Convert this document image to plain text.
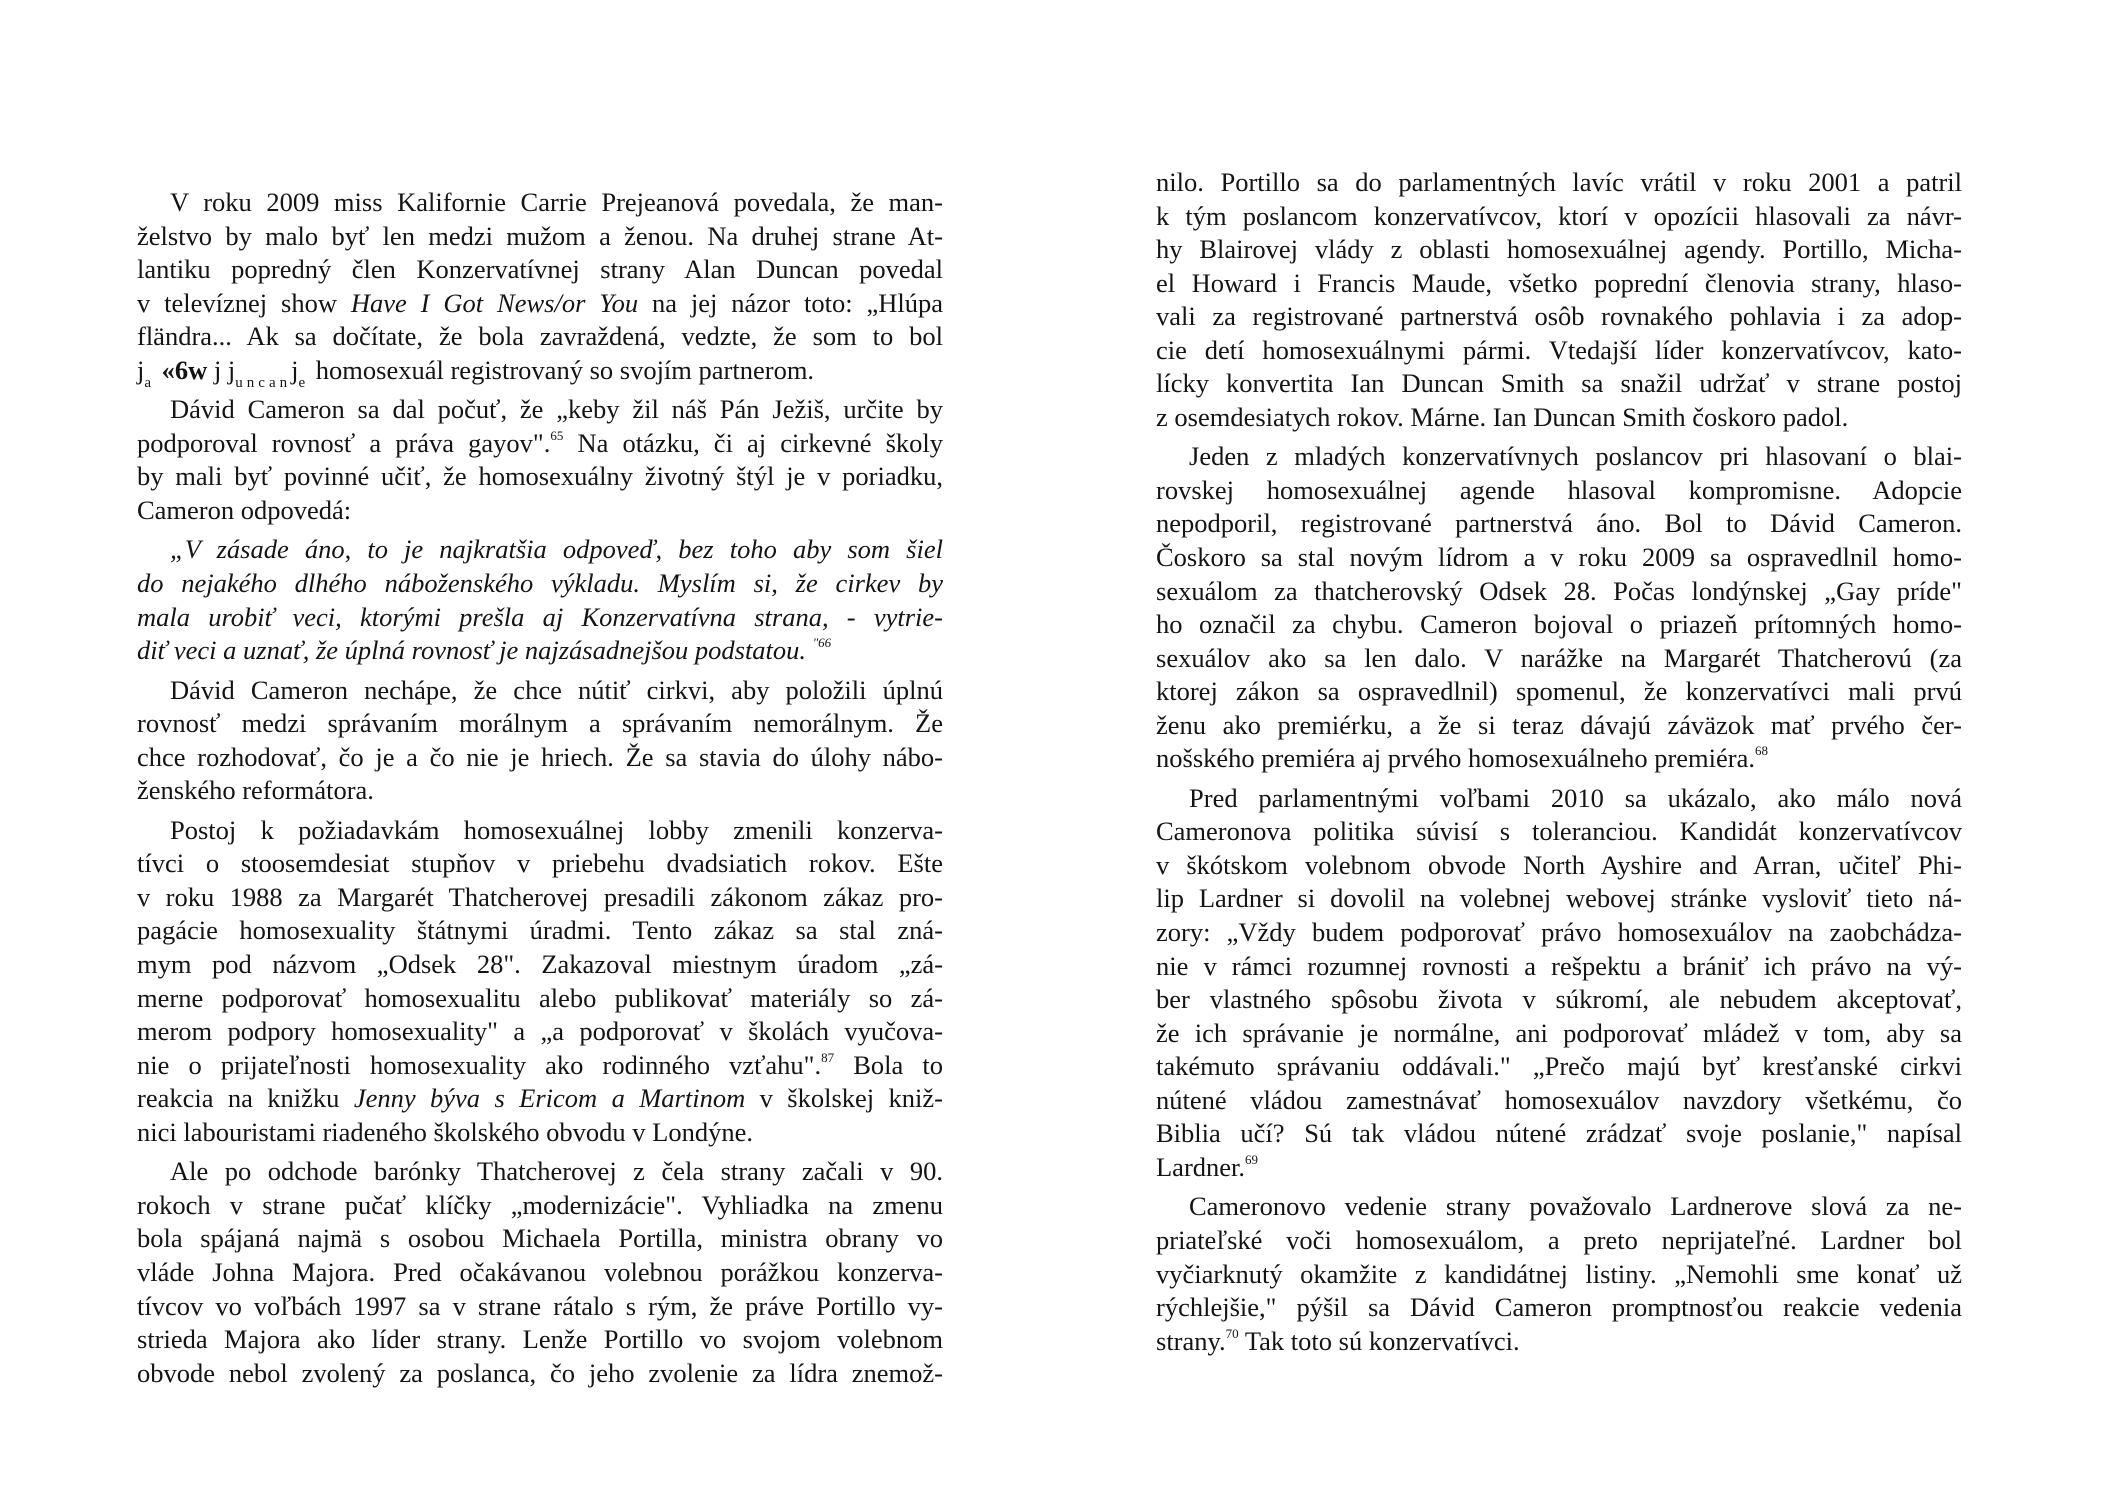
V roku 2009 miss Kalifornie Carrie Prejeanová povedala, že man-
želstvo by malo byť len medzi mužom a ženou. Na druhej strane At-
lantiku popredný člen Konzervatívnej strany Alan Duncan povedal
v televíznej show Have I Got News/or You na jej názor toto: „Hlúpa
fländra... Ak sa dočítate, že bola zavraždená, vedzte, že som to bol
$j_a$ «6w j $j_{uncan}j_e$ homosexuál registrovaný so svojím partnerom.
Dávid Cameron sa dal počuť, že „keby žil náš Pán Ježiš, určite by
podporoval rovnosť a práva gayov".$^{65}$ Na otázku, či aj cirkevné školy
by mali byť povinné učiť, že homosexuálny životný štýl je v poriadku,
Cameron odpovedá:
„V zásade áno, to je najkratšia odpoveď, bez toho aby som šiel
do nejakého dlhého náboženského výkladu. Myslím si, že cirkev by
mala urobiť veci, ktorými prešla aj Konzervatívna strana, - vytrie-
diť veci a uznať, že úplná rovnosť je najzásadnejšou podstatou. $^{"66}$
Dávid Cameron nechápe, že chce nútiť cirkvi, aby položili úplnú
rovnosť medzi správaním morálnym a správaním nemorálnym. Že
chce rozhodovať, čo je a čo nie je hriech. Že sa stavia do úlohy nábo-
ženského reformátora.
Postoj k požiadavkám homosexuálnej lobby zmenili konzerva-
tívci o stoosemdesiat stupňov v priebehu dvadsiatich rokov. Ešte
v roku 1988 za Margarét Thatcherovej presadili zákonom zákaz pro-
pagácie homosexuality štátnymi úradmi. Tento zákaz sa stal zná-
mym pod názvom „Odsek 28". Zakazoval miestnym úradom „zá-
merne podporovať homosexualitu alebo publikovať materiály so zá-
merom podpory homosexuality" a „a podporovať v školách vyučova-
nie o prijateľnosti homosexuality ako rodinného vzťahu".$^{87}$ Bola to
reakcia na knižku Jenny býva s Ericom a Martinom v školskej kniž-
nici labouristami riadeného školského obvodu v Londýne.
Ale po odchode barónky Thatcherovej z čela strany začali v 90.
rokoch v strane pučať klíčky „modernizácie". Vyhliadka na zmenu
bola spájaná najmä s osobou Michaela Portilla, ministra obrany vo
vláde Johna Majora. Pred očakávanou volebnou porážkou konzerva-
tívcov vo voľbách 1997 sa v strane rátalo s rým, že práve Portillo vy-
strieda Majora ako líder strany. Lenže Portillo vo svojom volebnom
obvode nebol zvolený za poslanca, čo jeho zvolenie za lídra znemož-
nilo. Portillo sa do parlamentných lavíc vrátil v roku 2001 a patril
k tým poslancom konzervatívcov, ktorí v opozícii hlasovali za návr-
hy Blairovej vlády z oblasti homosexuálnej agendy. Portillo, Micha-
el Howard i Francis Maude, všetko poprední členovia strany, hlaso-
vali za registrované partnerstvá osôb rovnakého pohlavia i za adop-
cie detí homosexuálnymi pármi. Vtedajší líder konzervatívcov, kato-
lícky konvertita Ian Duncan Smith sa snažil udržať v strane postoj
z osemdesiatych rokov. Márne. Ian Duncan Smith čoskoro padol.
Jeden z mladých konzervatívnych poslancov pri hlasovaní o blai-
rovskej homosexuálnej agende hlasoval kompromisne. Adopcie
nepodporil, registrované partnerstvá áno. Bol to Dávid Cameron.
Čoskoro sa stal novým lídrom a v roku 2009 sa ospravedlnil homo-
sexuálom za thatcherovský Odsek 28. Počas londýnskej „Gay príde"
ho označil za chybu. Cameron bojoval o priazeň prítomných homo-
sexuálov ako sa len dalo. V narážke na Margarét Thatcherovú (za
ktorej zákon sa ospravedlnil) spomenul, že konzervatívci mali prvú
ženu ako premiérku, a že si teraz dávajú záväzok mať prvého čer-
nošského premiéra aj prvého homosexuálneho premiéra.$^{68}$
Pred parlamentnými voľbami 2010 sa ukázalo, ako málo nová
Cameronova politika súvisí s toleranciou. Kandidát konzervatívcov
v škótskom volebnom obvode North Ayshire and Arran, učiteľ Phi-
lip Lardner si dovolil na volebnej webovej stránke vysloviť tieto ná-
zory: „Vždy budem podporovať právo homosexuálov na zaobchádza-
nie v rámci rozumnej rovnosti a rešpektu a brániť ich právo na vý-
ber vlastného spôsobu života v súkromí, ale nebudem akceptovať,
že ich správanie je normálne, ani podporovať mládež v tom, aby sa
takémuto správaniu oddávali." „Prečo majú byť kresťanské cirkvi
nútené vládou zamestnávať homosexuálov navzdory všetkému, čo
Biblia učí? Sú tak vládou nútené zrádzať svoje poslanie," napísal
Lardner.$^{69}$
Cameronovo vedenie strany považovalo Lardnerove slová za ne-
priateľské voči homosexuálom, a preto neprijateľné. Lardner bol
vyčiarknutý okamžite z kandidátnej listiny. „Nemohli sme konať už
rýchlejšie," pýšil sa Dávid Cameron promptnosťou reakcie vedenia
strany.$^{70}$ Tak toto sú konzervatívci.
